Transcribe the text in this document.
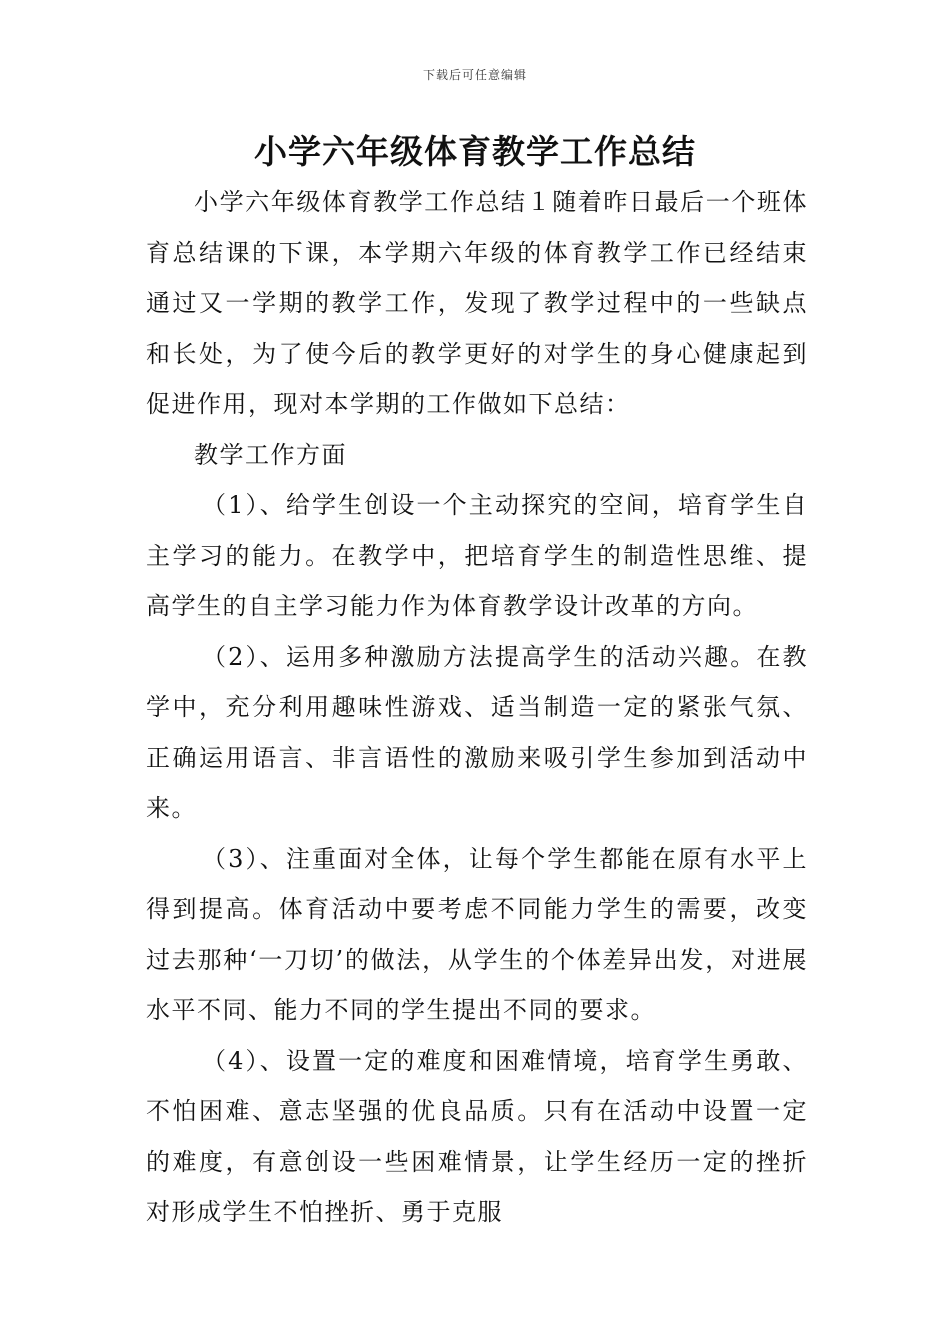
下载后可任意编辑
小学六年级体育教学工作总结

小学六年级体育教学工作总结１随着昨日最后一个班体育总结课的下课，本学期六年级的体育教学工作已经结束通过又一学期的教学工作，发现了教学过程中的一些缺点和长处，为了使今后的教学更好的对学生的身心健康起到促进作用，现对本学期的工作做如下总结：

教学工作方面

（1）、给学生创设一个主动探究的空间，培育学生自主学习的能力。在教学中，把培育学生的制造性思维、提高学生的自主学习能力作为体育教学设计改革的方向。

（2）、运用多种激励方法提高学生的活动兴趣。在教学中，充分利用趣味性游戏、适当制造一定的紧张气氛、正确运用语言、非言语性的激励来吸引学生参加到活动中来。

（3）、注重面对全体，让每个学生都能在原有水平上得到提高。体育活动中要考虑不同能力学生的需要，改变过去那种‘一刀切’的做法，从学生的个体差异出发，对进展水平不同、能力不同的学生提出不同的要求。

（4）、设置一定的难度和困难情境，培育学生勇敢、不怕困难、意志坚强的优良品质。只有在活动中设置一定的难度，有意创设一些困难情景，让学生经历一定的挫折对形成学生不怕挫折、勇于克服
